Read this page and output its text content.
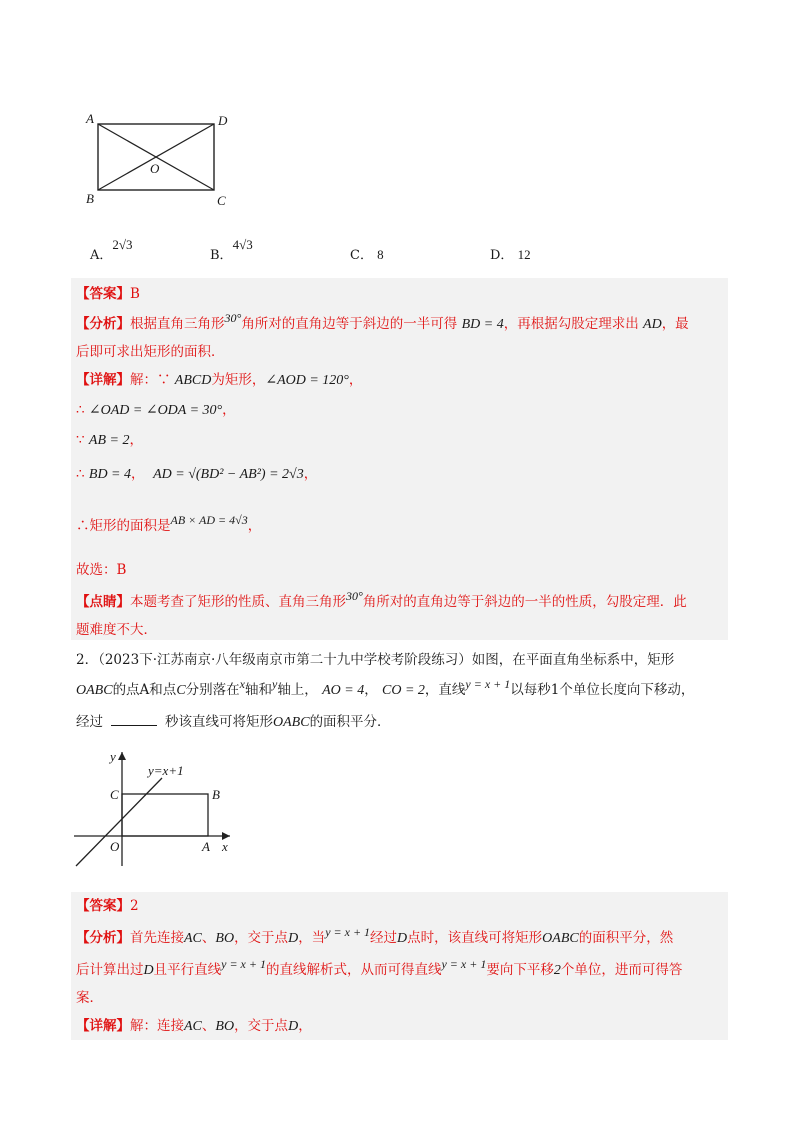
A	D
B	C
O
A．2√3
B．4√3
C． 8	D． 12
【答案】B
【分析】根据直角三角形30°角所对的直角边等于斜边的一半可得 BD = 4，再根据勾股定理求出 AD，最
后即可求出矩形的面积．
【详解】解：∵ ABCD为矩形，∠AOD = 120°，
∴ ∠OAD = ∠ODA = 30°，
∵ AB = 2，
∴ BD = 4， AD = √(BD² − AB²) = 2√3，
∴矩形的面积是AB × AD = 4√3，
故选：B
【点睛】本题考查了矩形的性质、直角三角形30°角所对的直角边等于斜边的一半的性质，勾股定理．此
题难度不大．
2．（2023下·江苏南京·八年级南京市第二十九中学校考阶段练习）如图，在平面直角坐标系中，矩形
OABC的点A和点C分别落在x轴和y轴上， AO = 4， CO = 2，直线y = x + 1以每秒1个单位长度向下移动，
经过	秒该直线可将矩形OABC的面积平分．
y
y=x+1
C	B
O	A x
【答案】2
【分析】首先连接AC、BO，交于点D，当y = x + 1经过D点时，该直线可将矩形OABC的面积平分，然
后计算出过D且平行直线y = x + 1的直线解析式，从而可得直线y = x + 1要向下平移2个单位，进而可得答
案．
【详解】解：连接AC、BO，交于点D，
